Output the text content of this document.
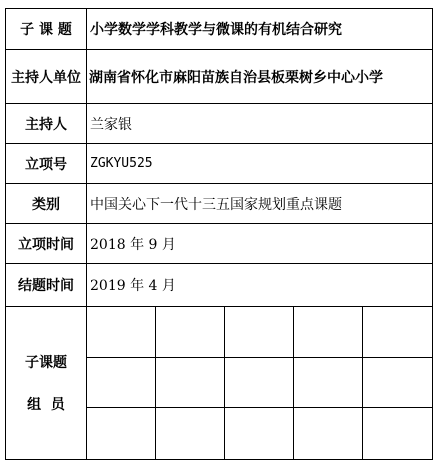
子 课 题	小学数学学科教学与微课的有机结合研究
主持人单位 湖南省怀化市麻阳苗族自治县板栗树乡中心小学
主持人	兰家银
立项号	ZGKYU525
类别	中国关心下一代十三五国家规划重点课题
立项时间	2018 年 9 月
结题时间	2019 年 4 月
子课题
组  员
